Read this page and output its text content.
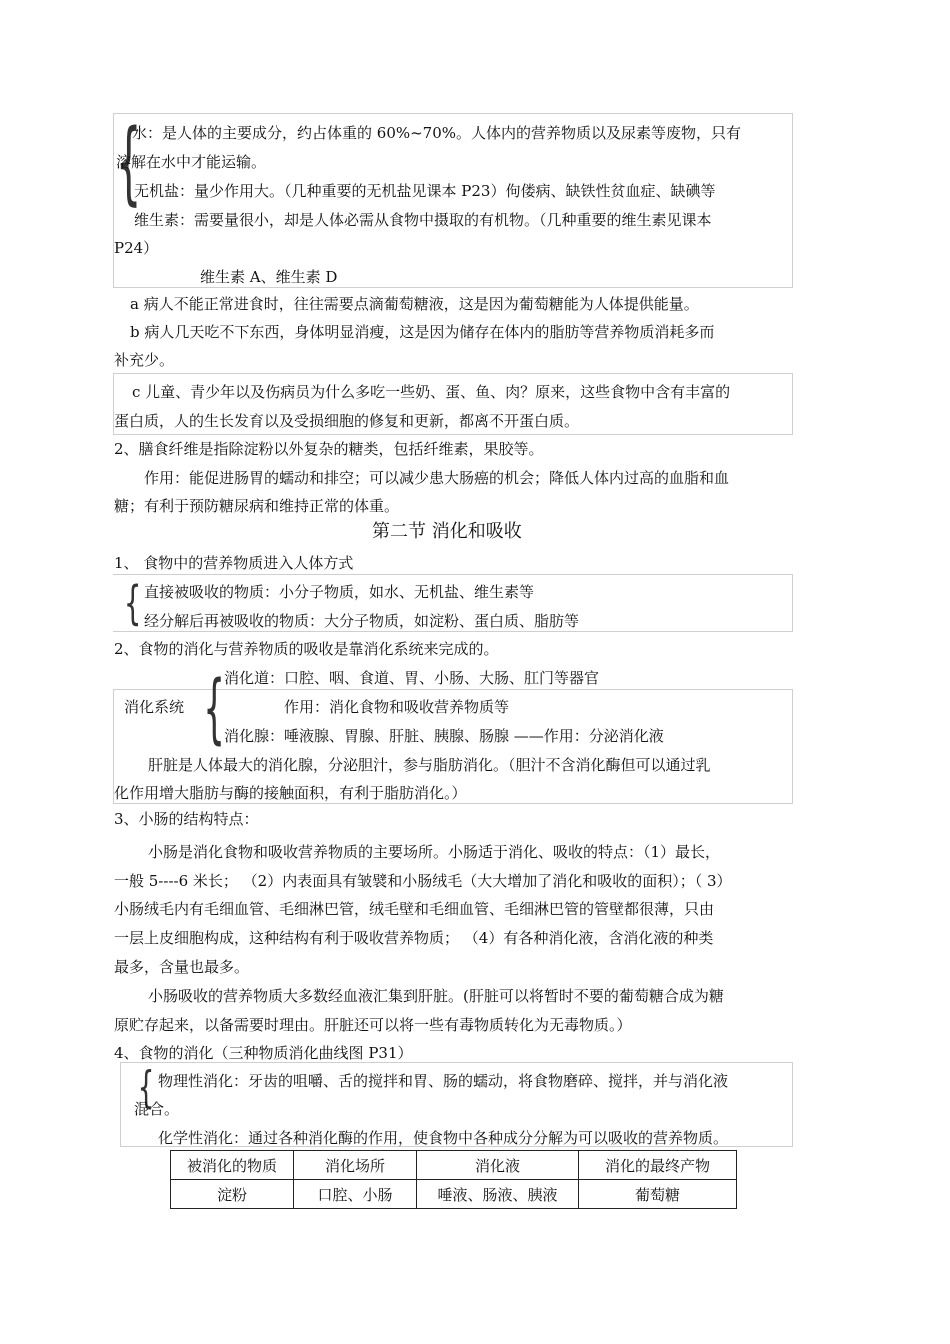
{
水：是人体的主要成分，约占体重的 60%~70%。人体内的营养物质以及尿素等废物，只有
溶解在水中才能运输。
无机盐：量少作用大。（几种重要的无机盐见课本 P23）佝偻病、缺铁性贫血症、缺碘等
维生素：需要量很小，却是人体必需从食物中摄取的有机物。（几种重要的维生素见课本
P24）
维生素 A、维生素 D
a 病人不能正常进食时，往往需要点滴葡萄糖液，这是因为葡萄糖能为人体提供能量。
b 病人几天吃不下东西，身体明显消瘦，这是因为储存在体内的脂肪等营养物质消耗多而
补充少。
c 儿童、青少年以及伤病员为什么多吃一些奶、蛋、鱼、肉？原来，这些食物中含有丰富的
蛋白质，人的生长发育以及受损细胞的修复和更新，都离不开蛋白质。
2、膳食纤维是指除淀粉以外复杂的糖类，包括纤维素，果胶等。
作用：能促进肠胃的蠕动和排空；可以减少患大肠癌的机会；降低人体内过高的血脂和血
糖；有利于预防糖尿病和维持正常的体重。
第二节 消化和吸收
1、 食物中的营养物质进入人体方式
{ 直接被吸收的物质：小分子物质，如水、无机盐、维生素等
经分解后再被吸收的物质：大分子物质，如淀粉、蛋白质、脂肪等
2、食物的消化与营养物质的吸收是靠消化系统来完成的。
消化道：口腔、咽、食道、胃、小肠、大肠、肛门等器官
消化系统 {	作用：消化食物和吸收营养物质等
消化腺：唾液腺、胃腺、肝脏、胰腺、肠腺 ——作用：分泌消化液
肝脏是人体最大的消化腺，分泌胆汁，参与脂肪消化。（胆汁不含消化酶但可以通过乳
化作用增大脂肪与酶的接触面积，有利于脂肪消化。）
3、小肠的结构特点：
小肠是消化食物和吸收营养物质的主要场所。小肠适于消化、吸收的特点：（1）最长，
一般 5----6 米长； （2）内表面具有皱襞和小肠绒毛（大大增加了消化和吸收的面积）；（ 3）
小肠绒毛内有毛细血管、毛细淋巴管，绒毛壁和毛细血管、毛细淋巴管的管壁都很薄，只由
一层上皮细胞构成，这种结构有利于吸收营养物质； （4）有各种消化液，含消化液的种类
最多，含量也最多。
小肠吸收的营养物质大多数经血液汇集到肝脏。(肝脏可以将暂时不要的葡萄糖合成为糖
原贮存起来，以备需要时理由。肝脏还可以将一些有毒物质转化为无毒物质。）
4、食物的消化（三种物质消化曲线图 P31）
{ 物理性消化：牙齿的咀嚼、舌的搅拌和胃、肠的蠕动，将食物磨碎、搅拌，并与消化液
混合。
化学性消化：通过各种消化酶的作用，使食物中各种成分分解为可以吸收的营养物质。
被消化的物质	消化场所	消化液	消化的最终产物
淀粉	口腔、小肠	唾液、肠液、胰液	葡萄糖
